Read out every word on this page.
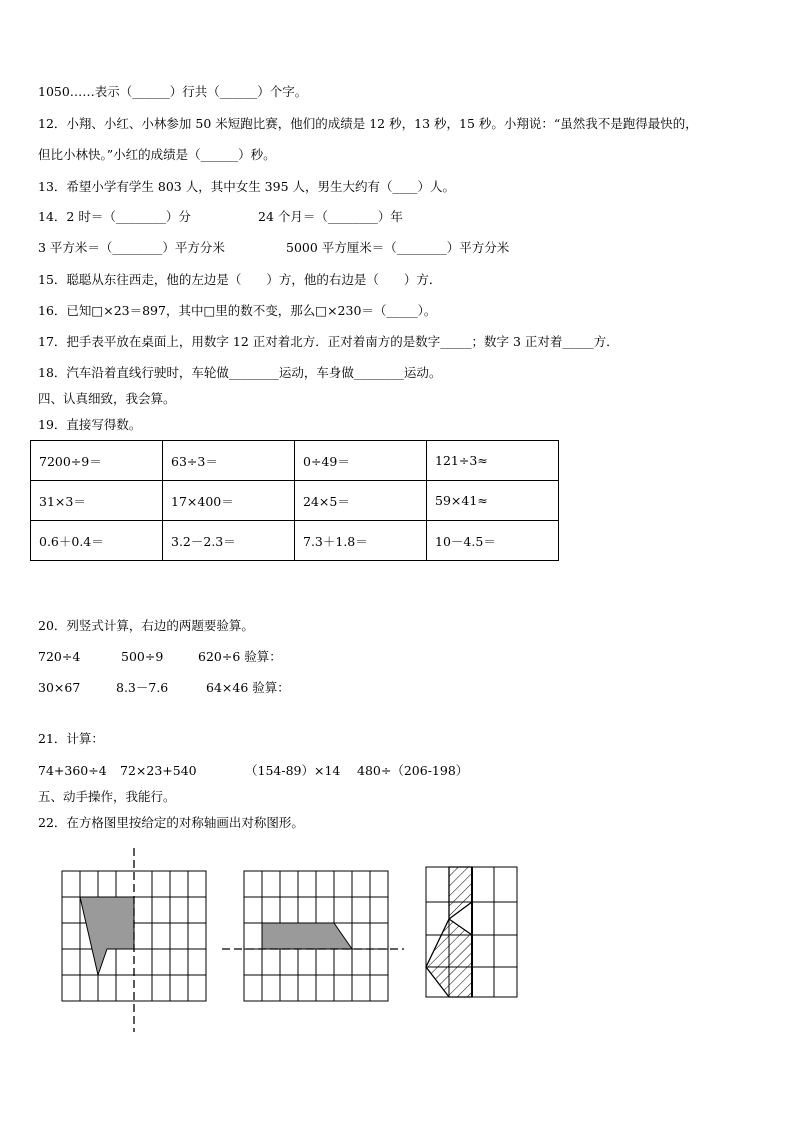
1050……表示（______）行共（______）个字。
12．小翔、小红、小林参加 50 米短跑比赛，他们的成绩是 12 秒，13 秒，15 秒。小翔说：“虽然我不是跑得最快的，
但比小林快。”小红的成绩是（______）秒。
13．希望小学有学生 803 人，其中女生 395 人，男生大约有（____）人。
14．2 时＝（________）分	24 个月＝（________）年
3 平方米＝（________）平方分米	5000 平方厘米＝（________）平方分米
15．聪聪从东往西走，他的左边是（　　）方，他的右边是（　　）方．
16．已知□×23＝897，其中□里的数不变，那么□×230＝（_____）。
17．把手表平放在桌面上，用数字 12 正对着北方．正对着南方的是数字_____；数字 3 正对着_____方．
18．汽车沿着直线行驶时，车轮做________运动，车身做________运动。
四、认真细致，我会算。
19．直接写得数。
7200÷9＝	63÷3＝	0÷49＝	121÷3≈
31×3＝	17×400＝	24×5＝	59×41≈
0.6＋0.4＝	3.2－2.3＝	7.3＋1.8＝	10－4.5＝
20．列竖式计算，右边的两题要验算。
720÷4	500÷9	620÷6 验算：
30×67	8.3－7.6	64×46 验算：
21．计算：
74+360÷4 72×23+540	（154-89）×14 480÷（206-198）
五、动手操作，我能行。
22．在方格图里按给定的对称轴画出对称图形。
